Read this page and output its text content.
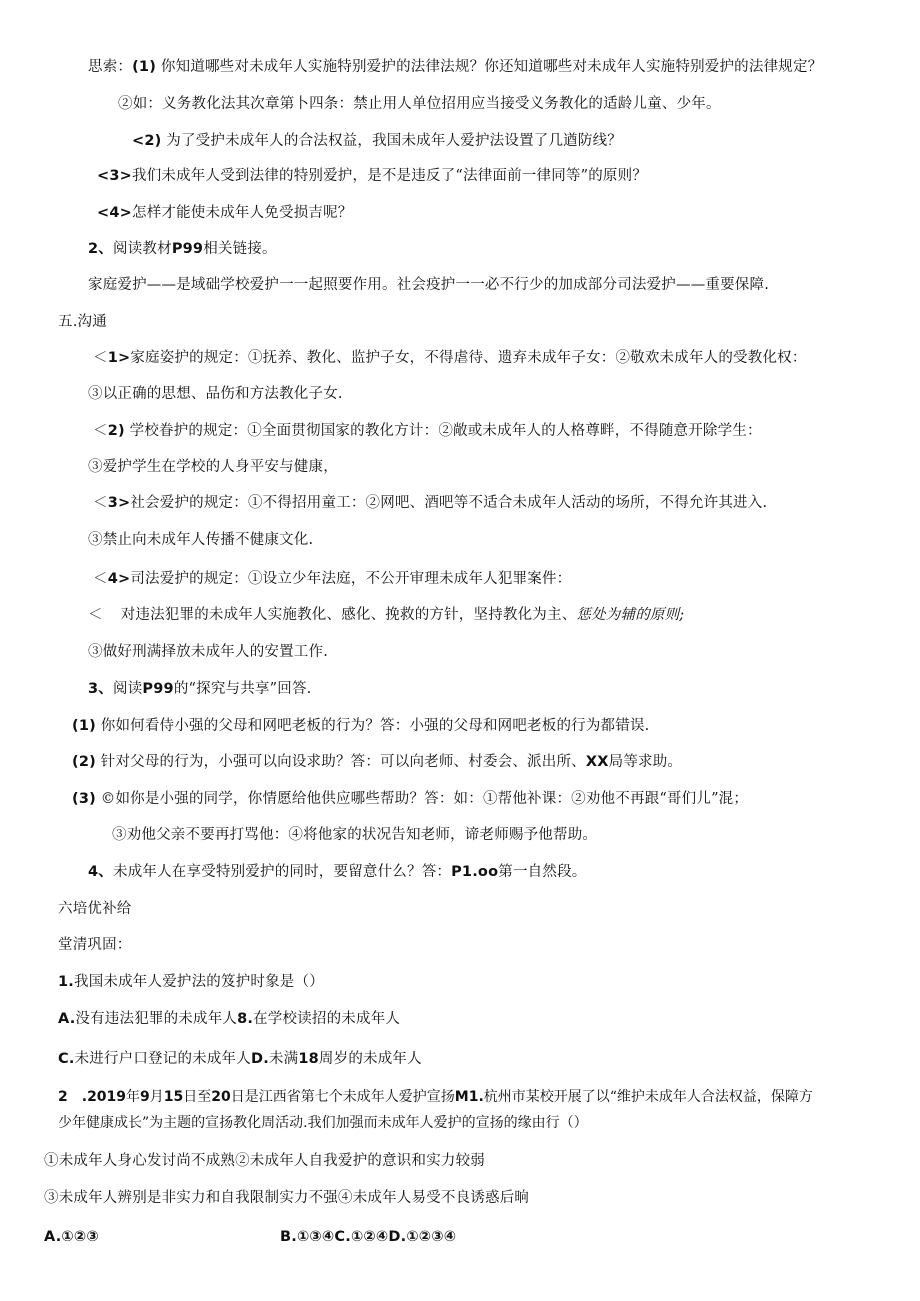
思索：(1) 你知道哪些对未成年人实施特别爱护的法律法规？你还知道哪些对未成年人实施特别爱护的法律规定？
②如：义务教化法其次章第卜四条：禁止用人单位招用应当接受义务教化的适龄儿童、少年。
<2) 为了受护未成年人的合法权益，我国未成年人爱护法设置了几遒防线？
<3>我们未成年人受到法律的特别爱护，是不是违反了“法律面前一律同等”的原则？
<4>怎样才能使未成年人免受损吉呢？
2、阅读教材P99相关链接。
家庭爱护——是域础学校爱护一一起照要作用。社会疫护一一必不行少的加成部分司法爱护——重要保障.
五.沟通
＜1>家庭姿护的规定：①抚养、教化、监护子女，不得虐待、遗弃未成年子女：②敬欢未成年人的受教化权：
③以正确的思想、品伤和方法教化子女.
＜2) 学校眷护的规定：①全面贯彻国家的教化方计：②敞或未成年人的人格尊畔，不得随意开除学生：
③爱护学生在学校的人身平安与健康，
＜3>社会爱护的规定：①不得招用童工：②网吧、酒吧等不适合未成年人活动的场所，不得允许其进入.
③禁止向未成年人传播不健康文化.
＜4>司法爱护的规定：①设立少年法庭，不公开审理未成年人犯罪案件：
＜ 对违法犯罪的未成年人实施教化、感化、挽救的方针，坚持教化为主、惩处为辅的原则;
③做好刑满择放未成年人的安置工作.
3、阅读P99的“探究与共享”回答.
(1) 你如何看侍小强的父母和网吧老板的行为？答：小强的父母和网吧老板的行为都错误.
(2) 针对父母的行为，小强可以向设求助？答：可以向老师、村委会、派出所、XX局等求助。
(3) ©如你是小强的同学，你情愿给他供应哪些帮助？答：如：①帮他补课：②劝他不再跟“哥们儿”混；
③劝他父亲不要再打骂他：④将他家的状况告知老师，谛老师赐予他帮助。
4、未成年人在享受特别爱护的同时，要留意什么？答：P1.oo第一自然段。
六培优补给
堂清巩固：
1.我国未成年人爱护法的笈护时象是（）
A.没有违法犯罪的未成年人8.在学校读招的未成年人
C.未进行户口登记的未成年人D.未满18周岁的未成年人
2 .2019年9月15日至20日是江西省第七个未成年人爱护宣扬M1.杭州市某校开展了以“维护未成年人合法权益，保障方
少年健康成长”为主题的宣扬教化周活动.我们加强而未成年人爱护的宣扬的缘由行（）
①未成年人身心发讨尚不成熟②未成年人自我爱护的意识和实力较弱
③未成年人辨别是非实力和自我限制实力不强④未成年人易受不良诱惑后晌
A.①②③	B.①③④C.①②④D.①②③④
